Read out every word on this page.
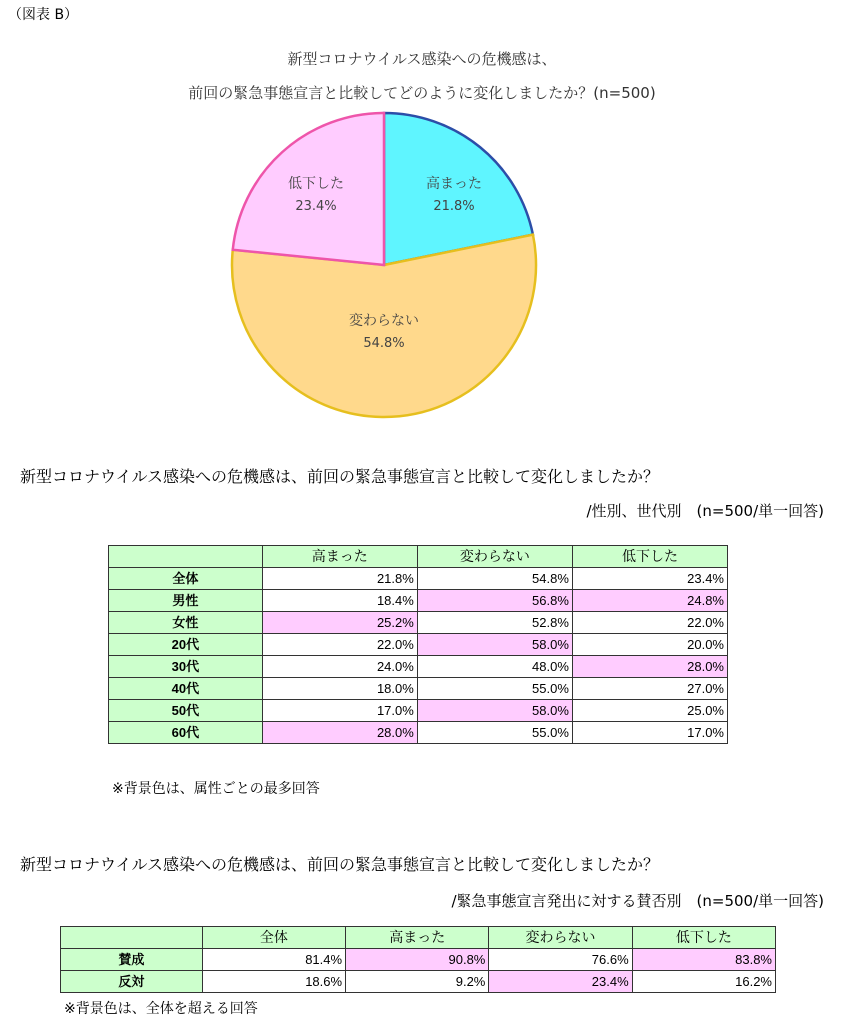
（図表 B）
新型コロナウイルス感染への危機感は、
前回の緊急事態宣言と比較してどのように変化しましたか？(n=500)
高まった
21.8%
変わらない
54.8%
低下した
23.4%
新型コロナウイルス感染への危機感は、前回の緊急事態宣言と比較して変化しましたか？
/性別、世代別　(n=500/単一回答)
	高まった	変わらない	低下した
全体	21.8%	54.8%	23.4%
男性	18.4%	56.8%	24.8%
女性	25.2%	52.8%	22.0%
20代	22.0%	58.0%	20.0%
30代	24.0%	48.0%	28.0%
40代	18.0%	55.0%	27.0%
50代	17.0%	58.0%	25.0%
60代	28.0%	55.0%	17.0%
※背景色は、属性ごとの最多回答
新型コロナウイルス感染への危機感は、前回の緊急事態宣言と比較して変化しましたか？
/緊急事態宣言発出に対する賛否別　(n=500/単一回答)
	全体	高まった	変わらない	低下した
賛成	81.4%	90.8%	76.6%	83.8%
反対	18.6%	9.2%	23.4%	16.2%
※背景色は、全体を超える回答
